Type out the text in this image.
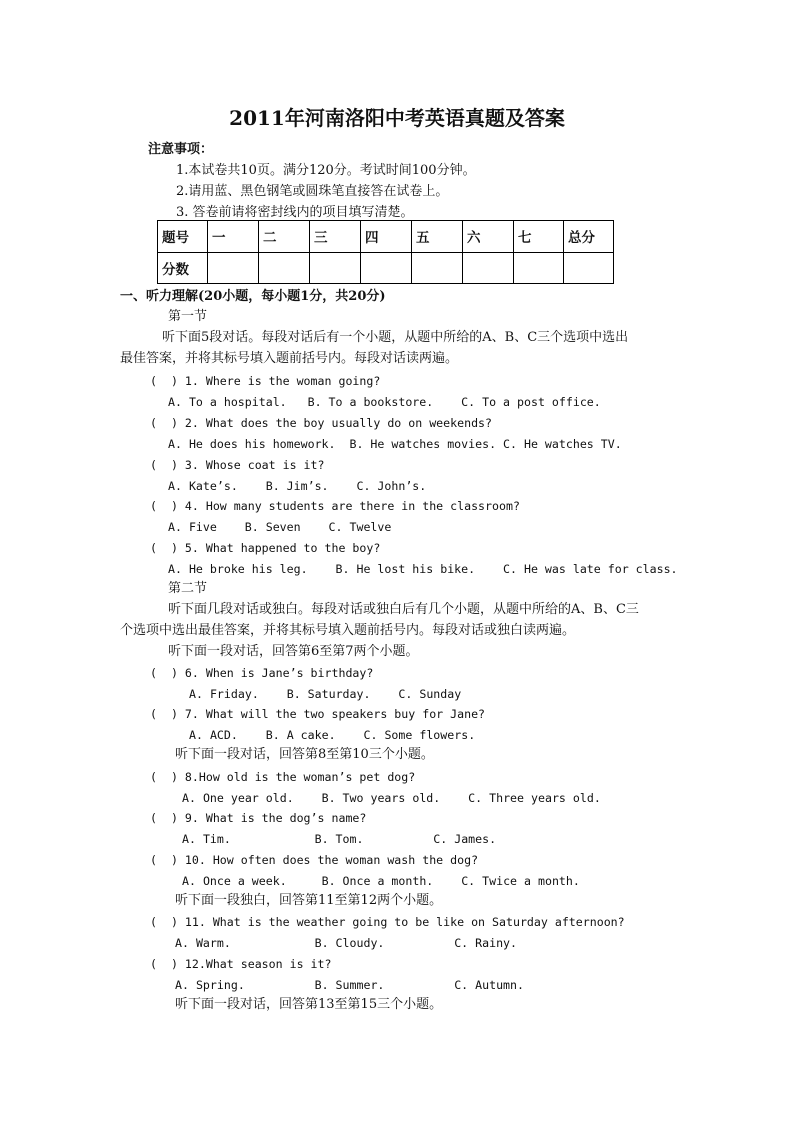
2011年河南洛阳中考英语真题及答案
注意事项：
1.本试卷共10页。满分120分。考试时间100分钟。
2.请用蓝、黑色钢笔或圆珠笔直接答在试卷上。
3. 答卷前请将密封线内的项目填写清楚。
题号	一	二	三	四	五	六	七	总分
分数								
一、听力理解(20小题，每小题1分，共20分)
第一节
听下面5段对话。每段对话后有一个小题，从题中所给的A、B、C三个选项中选出
最佳答案，并将其标号填入题前括号内。每段对话读两遍。
(  ) 1. Where is the woman going?
A. To a hospital.   B. To a bookstore.    C. To a post office.
(  ) 2. What does the boy usually do on weekends?
A. He does his homework.  B. He watches movies. C. He watches TV.
(  ) 3. Whose coat is it?
A. Kate’s.    B. Jim’s.    C. John’s.
(  ) 4. How many students are there in the classroom?
A. Five    B. Seven    C. Twelve
(  ) 5. What happened to the boy?
A. He broke his leg.    B. He lost his bike.    C. He was late for class.
第二节
听下面几段对话或独白。每段对话或独白后有几个小题，从题中所给的A、B、C三
个选项中选出最佳答案，并将其标号填入题前括号内。每段对话或独白读两遍。
听下面一段对话，回答第6至第7两个小题。
(  ) 6. When is Jane’s birthday?
A. Friday.    B. Saturday.    C. Sunday
(  ) 7. What will the two speakers buy for Jane?
A. ACD.    B. A cake.    C. Some flowers.
听下面一段对话，回答第8至第10三个小题。
(  ) 8.How old is the woman’s pet dog?
A. One year old.    B. Two years old.    C. Three years old.
(  ) 9. What is the dog’s name?
A. Tim.            B. Tom.          C. James.
(  ) 10. How often does the woman wash the dog?
A. Once a week.     B. Once a month.    C. Twice a month.
听下面一段独白，回答第11至第12两个小题。
(  ) 11. What is the weather going to be like on Saturday afternoon?
A. Warm.            B. Cloudy.          C. Rainy.
(  ) 12.What season is it?
A. Spring.          B. Summer.          C. Autumn.
听下面一段对话，回答第13至第15三个小题。
